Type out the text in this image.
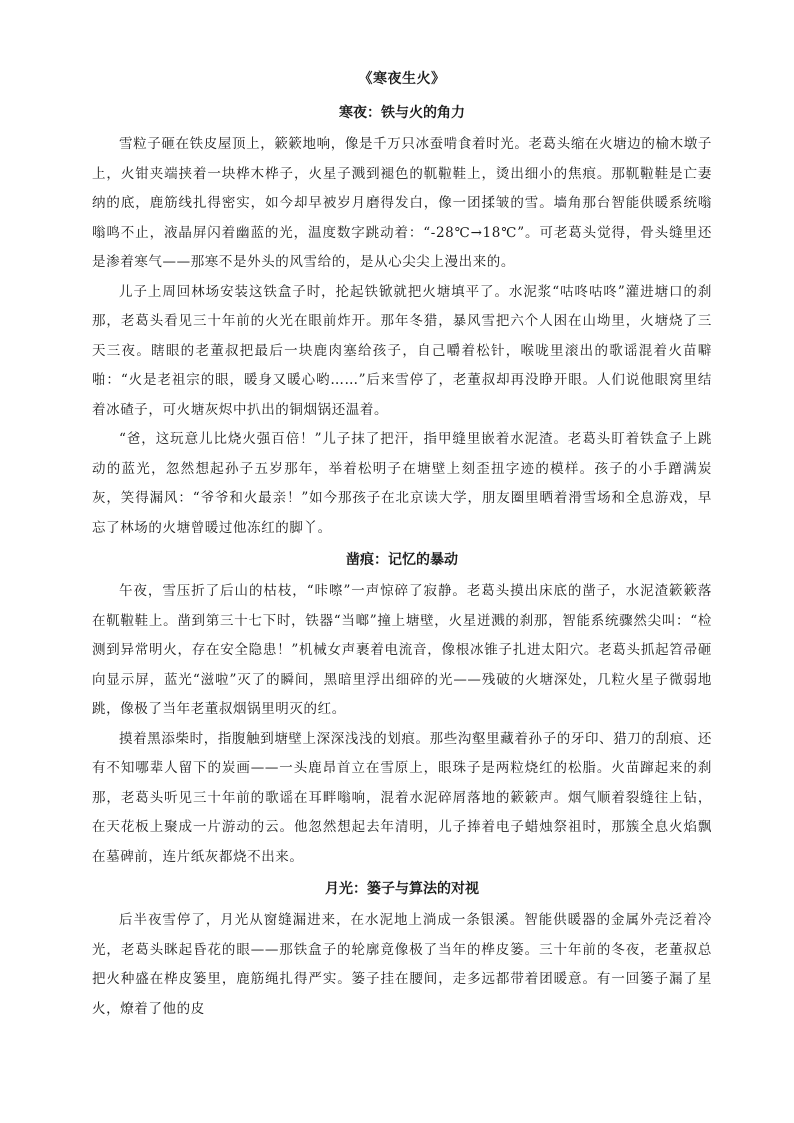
《寒夜生火》
寒夜：铁与火的角力

雪粒子砸在铁皮屋顶上，簌簌地响，像是千万只冰蚕啃食着时光。老葛头缩在火塘边的榆木墩子上，火钳夹端挟着一块桦木桦子，火星子溅到褪色的靰鞡鞋上，烫出细小的焦痕。那靰鞡鞋是亡妻纳的底，鹿筋线扎得密实，如今却早被岁月磨得发白，像一团揉皱的雪。墙角那台智能供暖系统嗡嗡鸣不止，液晶屏闪着幽蓝的光，温度数字跳动着：“-28℃→18℃”。可老葛头觉得，骨头缝里还是渗着寒气——那寒不是外头的风雪给的，是从心尖尖上漫出来的。

儿子上周回林场安装这铁盒子时，抡起铁锨就把火塘填平了。水泥浆“咕咚咕咚”灌进塘口的刹那，老葛头看见三十年前的火光在眼前炸开。那年冬猎，暴风雪把六个人困在山坳里，火塘烧了三天三夜。瞎眼的老董叔把最后一块鹿肉塞给孩子，自己嚼着松针，喉咙里滚出的歌谣混着火苗噼啪：“火是老祖宗的眼，暖身又暖心哟……”后来雪停了，老董叔却再没睁开眼。人们说他眼窝里结着冰碴子，可火塘灰烬中扒出的铜烟锅还温着。

“爸，这玩意儿比烧火强百倍！”儿子抹了把汗，指甲缝里嵌着水泥渣。老葛头盯着铁盒子上跳动的蓝光，忽然想起孙子五岁那年，举着松明子在塘壁上刻歪扭字迹的模样。孩子的小手蹭满炭灰，笑得漏风：“爷爷和火最亲！”如今那孩子在北京读大学，朋友圈里晒着滑雪场和全息游戏，早忘了林场的火塘曾暖过他冻红的脚丫。

凿痕：记忆的暴动

午夜，雪压折了后山的枯枝，“咔嚓”一声惊碎了寂静。老葛头摸出床底的凿子，水泥渣簌簌落在靰鞡鞋上。凿到第三十七下时，铁器“当啷”撞上塘壁，火星迸溅的刹那，智能系统骤然尖叫：“检测到异常明火，存在安全隐患！”机械女声裹着电流音，像根冰锥子扎进太阳穴。老葛头抓起笤帚砸向显示屏，蓝光“滋啦”灭了的瞬间，黑暗里浮出细碎的光——残破的火塘深处，几粒火星子微弱地跳，像极了当年老董叔烟锅里明灭的红。

摸着黑添柴时，指腹触到塘壁上深深浅浅的划痕。那些沟壑里藏着孙子的牙印、猎刀的刮痕、还有不知哪辈人留下的炭画——一头鹿昂首立在雪原上，眼珠子是两粒烧红的松脂。火苗蹿起来的刹那，老葛头听见三十年前的歌谣在耳畔嗡响，混着水泥碎屑落地的簌簌声。烟气顺着裂缝往上钻，在天花板上聚成一片游动的云。他忽然想起去年清明，儿子捧着电子蜡烛祭祖时，那簇全息火焰飘在墓碑前，连片纸灰都烧不出来。

月光：篓子与算法的对视

后半夜雪停了，月光从窗缝漏进来，在水泥地上淌成一条银溪。智能供暖器的金属外壳泛着冷光，老葛头眯起昏花的眼——那铁盒子的轮廓竟像极了当年的桦皮篓。三十年前的冬夜，老董叔总把火种盛在桦皮篓里，鹿筋绳扎得严实。篓子挂在腰间，走多远都带着团暖意。有一回篓子漏了星火，燎着了他的皮
